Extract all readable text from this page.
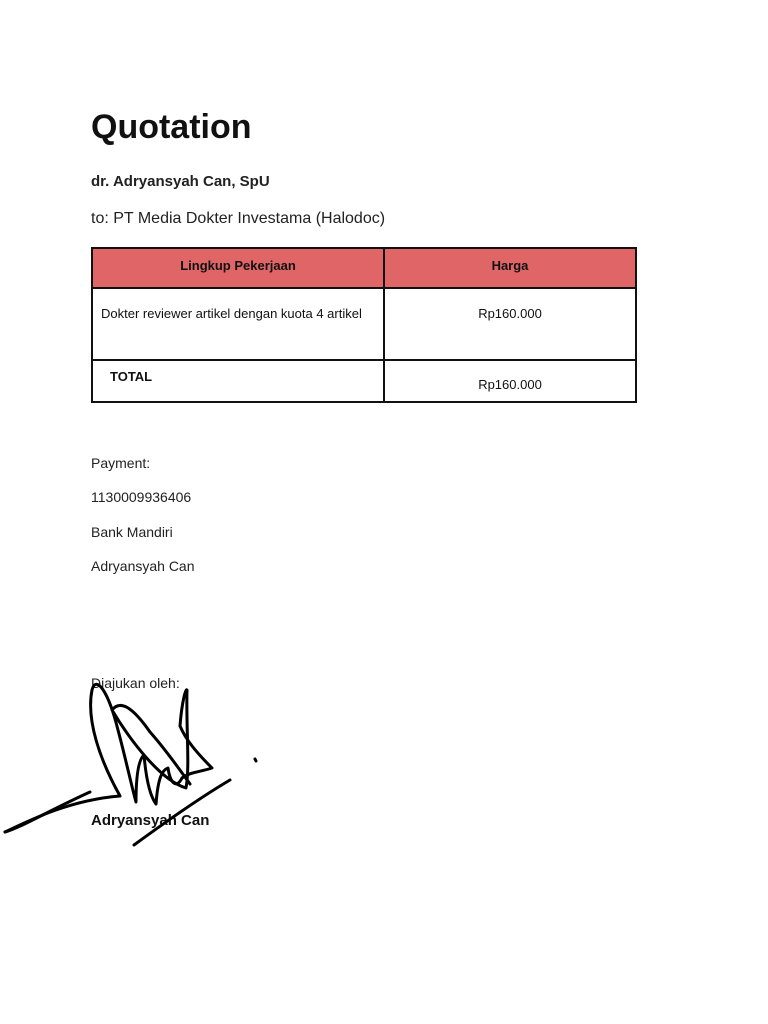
Quotation
dr. Adryansyah Can, SpU
to: PT Media Dokter Investama (Halodoc)
Lingkup Pekerjaan	Harga
Dokter reviewer artikel dengan kuota 4 artikel	Rp160.000
TOTAL	Rp160.000
Payment:
1130009936406
Bank Mandiri
Adryansyah Can
Diajukan oleh:
Adryansyah Can
